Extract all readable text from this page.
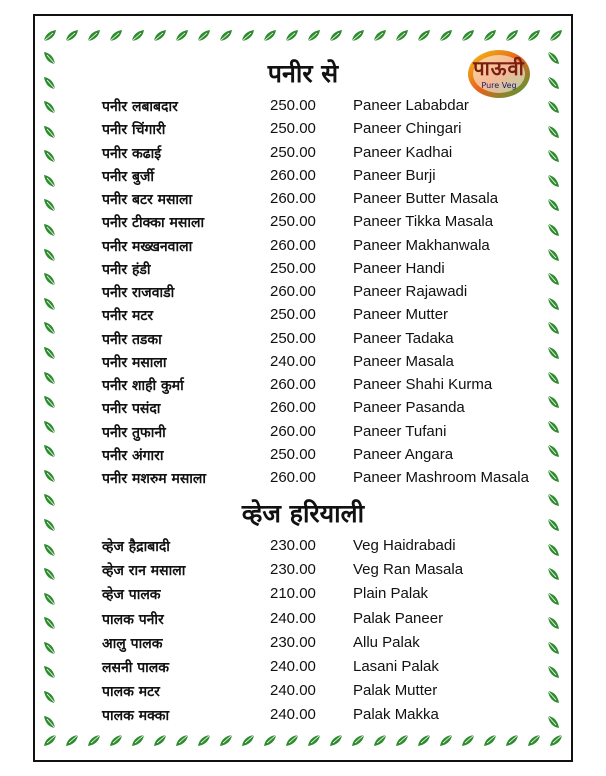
पाऊवी
Pure Veg
पनीर से
व्हेज हरियाली
पनीर लबाबदार	250.00 Paneer Lababdar
पनीर चिंगारी	250.00 Paneer Chingari
पनीर कढाई	250.00 Paneer Kadhai
पनीर बुर्जी	260.00 Paneer Burji
पनीर बटर मसाला	260.00 Paneer Butter Masala
पनीर टीक्का मसाला	250.00 Paneer Tikka Masala
पनीर मख्खनवाला	260.00 Paneer Makhanwala
पनीर हंडी	250.00 Paneer Handi
पनीर राजवाडी	260.00 Paneer Rajawadi
पनीर मटर	250.00 Paneer Mutter
पनीर तडका	250.00 Paneer Tadaka
पनीर मसाला	240.00 Paneer Masala
पनीर शाही कुर्मा	260.00 Paneer Shahi Kurma
पनीर पसंदा	260.00 Paneer Pasanda
पनीर तुफानी	260.00 Paneer Tufani
पनीर अंगारा	250.00 Paneer Angara
पनीर मशरुम मसाला	260.00 Paneer Mashroom Masala
व्हेज हैद्राबादी	230.00 Veg Haidrabadi
व्हेज रान मसाला	230.00 Veg Ran Masala
व्हेज पालक	210.00 Plain Palak
पालक पनीर	240.00 Palak Paneer
आलु पालक	230.00 Allu Palak
लसनी पालक	240.00 Lasani Palak
पालक मटर	240.00 Palak Mutter
पालक मक्का	240.00 Palak Makka
